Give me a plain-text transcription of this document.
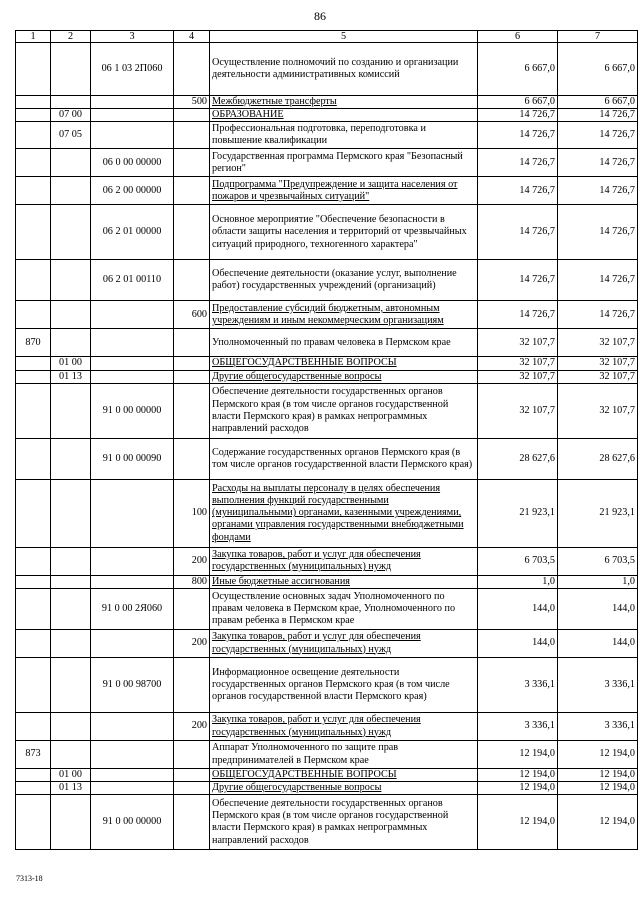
86
1	2	3	4	5	6	7
		06 1 03 2П060		Осуществление полномочий по созданию и организации деятельности административных комиссий	6 667,0	6 667,0
			500	Межбюджетные трансферты	6 667,0	6 667,0
	07 00			ОБРАЗОВАНИЕ	14 726,7	14 726,7
	07 05			Профессиональная подготовка, переподготовка и повышение квалификации	14 726,7	14 726,7
		06 0 00 00000		Государственная программа Пермского края "Безопасный регион"	14 726,7	14 726,7
		06 2 00 00000		Подпрограмма "Предупреждение и защита населения от пожаров и чрезвычайных ситуаций"	14 726,7	14 726,7
		06 2 01 00000		Основное мероприятие "Обеспечение безопасности в области защиты населения и территорий от чрезвычайных ситуаций природного, техногенного характера"	14 726,7	14 726,7
		06 2 01 00110		Обеспечение деятельности (оказание услуг, выполнение работ) государственных учреждений (организаций)	14 726,7	14 726,7
			600	Предоставление субсидий бюджетным, автономным учреждениям и иным некоммерческим организациям	14 726,7	14 726,7
870				Уполномоченный по правам человека в Пермском крае	32 107,7	32 107,7
	01 00			ОБЩЕГОСУДАРСТВЕННЫЕ ВОПРОСЫ	32 107,7	32 107,7
	01 13			Другие общегосударственные вопросы	32 107,7	32 107,7
		91 0 00 00000		Обеспечение деятельности государственных органов Пермского края (в том числе органов государственной власти Пермского края) в рамках непрограммных направлений расходов	32 107,7	32 107,7
		91 0 00 00090		Содержание государственных органов Пермского края (в том числе органов государственной власти Пермского края)	28 627,6	28 627,6
			100	Расходы на выплаты персоналу в целях обеспечения выполнения функций государственными (муниципальными) органами, казенными учреждениями, органами управления государственными внебюджетными фондами	21 923,1	21 923,1
			200	Закупка товаров, работ и услуг для обеспечения государственных (муниципальных) нужд	6 703,5	6 703,5
			800	Иные бюджетные ассигнования	1,0	1,0
		91 0 00 2Я060		Осуществление основных задач Уполномоченного по правам человека в Пермском крае, Уполномоченного по правам ребенка в Пермском крае	144,0	144,0
			200	Закупка товаров, работ и услуг для обеспечения государственных (муниципальных) нужд	144,0	144,0
		91 0 00 98700		Информационное освещение деятельности государственных органов Пермского края (в том числе органов государственной власти Пермского края)	3 336,1	3 336,1
			200	Закупка товаров, работ и услуг для обеспечения государственных (муниципальных) нужд	3 336,1	3 336,1
873				Аппарат Уполномоченного по защите прав предпринимателей в Пермском крае	12 194,0	12 194,0
	01 00			ОБЩЕГОСУДАРСТВЕННЫЕ ВОПРОСЫ	12 194,0	12 194,0
	01 13			Другие общегосударственные вопросы	12 194,0	12 194,0
		91 0 00 00000		Обеспечение деятельности государственных органов Пермского края (в том числе органов государственной власти Пермского края) в рамках непрограммных направлений расходов	12 194,0	12 194,0
7313-18
